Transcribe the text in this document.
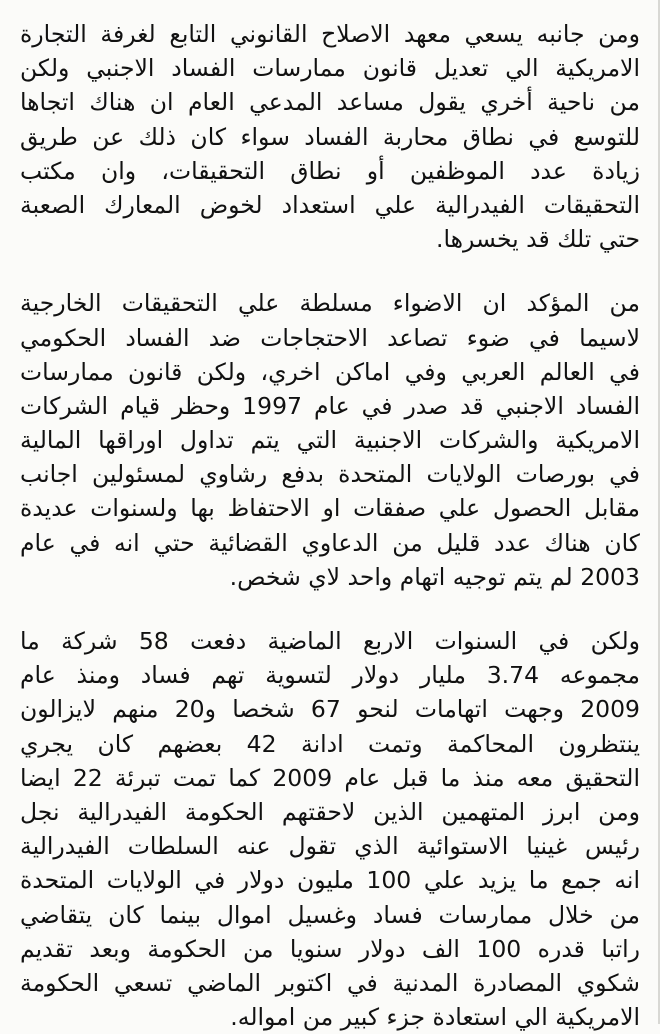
ومن جانبه يسعي معهد الاصلاح القانوني التابع لغرفة التجارة
الامريكية الي تعديل قانون ممارسات الفساد الاجنبي ولكن
من ناحية أخري يقول مساعد المدعي العام ان هناك اتجاها
للتوسع في نطاق محاربة الفساد سواء كان ذلك عن طريق
زيادة عدد الموظفين أو نطاق التحقيقات، وان مكتب
التحقيقات الفيدرالية علي استعداد لخوض المعارك الصعبة
حتي تلك قد يخسرها.
من المؤكد ان الاضواء مسلطة علي التحقيقات الخارجية
لاسيما في ضوء تصاعد الاحتجاجات ضد الفساد الحكومي
في العالم العربي وفي اماكن اخري، ولكن قانون ممارسات
الفساد الاجنبي قد صدر في عام 1997 وحظر قيام الشركات
الامريكية والشركات الاجنبية التي يتم تداول اوراقها المالية
في بورصات الولايات المتحدة بدفع رشاوي لمسئولين اجانب
مقابل الحصول علي صفقات او الاحتفاظ بها ولسنوات عديدة
كان هناك عدد قليل من الدعاوي القضائية حتي انه في عام
2003 لم يتم توجيه اتهام واحد لاي شخص.
ولكن في السنوات الاربع الماضية دفعت 58 شركة ما
مجموعه 3.74 مليار دولار لتسوية تهم فساد ومنذ عام
2009 وجهت اتهامات لنحو 67 شخصا و20 منهم لايزالون
ينتظرون المحاكمة وتمت ادانة 42 بعضهم كان يجري
التحقيق معه منذ ما قبل عام 2009 كما تمت تبرئة 22 ايضا
ومن ابرز المتهمين الذين لاحقتهم الحكومة الفيدرالية نجل
رئيس غينيا الاستوائية الذي تقول عنه السلطات الفيدرالية
انه جمع ما يزيد علي 100 مليون دولار في الولايات المتحدة
من خلال ممارسات فساد وغسيل اموال بينما كان يتقاضي
راتبا قدره 100 الف دولار سنويا من الحكومة وبعد تقديم
شكوي المصادرة المدنية في اكتوبر الماضي تسعي الحكومة
الامريكية الي استعادة جزء كبير من امواله.
